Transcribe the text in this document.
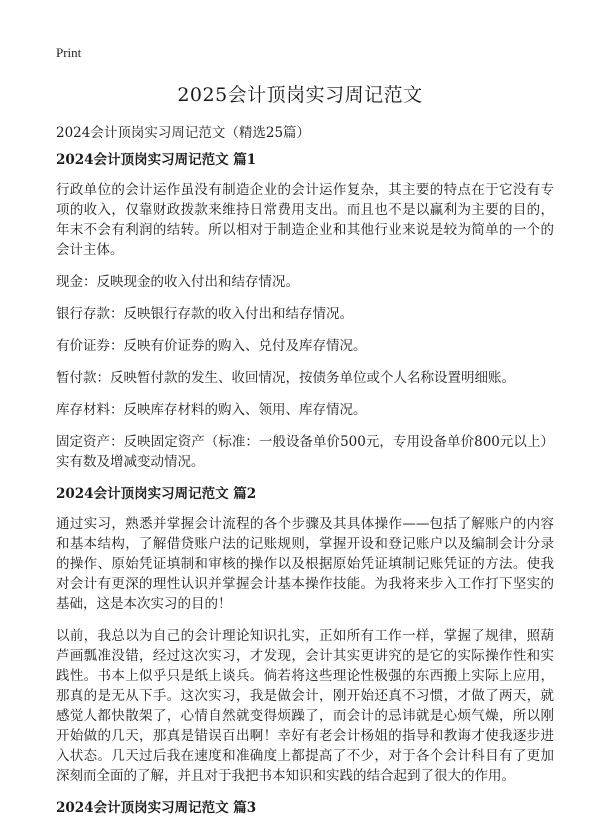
Print
2025会计顶岗实习周记范文

2024会计顶岗实习周记范文（精选25篇）

2024会计顶岗实习周记范文 篇1

行政单位的会计运作虽没有制造企业的会计运作复杂，其主要的特点在于它没有专项的收入，仅靠财政拨款来维持日常费用支出。而且也不是以赢利为主要的目的，年末不会有利润的结转。所以相对于制造企业和其他行业来说是较为简单的一个的会计主体。

现金：反映现金的收入付出和结存情况。

银行存款：反映银行存款的收入付出和结存情况。

有价证券：反映有价证券的购入、兑付及库存情况。

暂付款：反映暂付款的发生、收回情况，按债务单位或个人名称设置明细账。

库存材料：反映库存材料的购入、领用、库存情况。

固定资产：反映固定资产（标准：一般设备单价500元，专用设备单价800元以上）实有数及增减变动情况。

2024会计顶岗实习周记范文 篇2

通过实习，熟悉并掌握会计流程的各个步骤及其具体操作——包括了解账户的内容和基本结构，了解借贷账户法的记账规则，掌握开设和登记账户以及编制会计分录的操作、原始凭证填制和审核的操作以及根据原始凭证填制记账凭证的方法。使我对会计有更深的理性认识并掌握会计基本操作技能。为我将来步入工作打下坚实的基础，这是本次实习的目的！

以前，我总以为自己的会计理论知识扎实，正如所有工作一样，掌握了规律，照葫芦画瓢准没错，经过这次实习，才发现，会计其实更讲究的是它的实际操作性和实践性。书本上似乎只是纸上谈兵。倘若将这些理论性极强的东西搬上实际上应用，那真的是无从下手。这次实习，我是做会计，刚开始还真不习惯，才做了两天，就感觉人都快散架了，心情自然就变得烦躁了，而会计的忌讳就是心烦气燥，所以刚开始做的几天，那真是错误百出啊！幸好有老会计杨姐的指导和教诲才使我逐步进入状态。几天过后我在速度和准确度上都提高了不少，对于各个会计科目有了更加深刻而全面的了解，并且对于我把书本知识和实践的结合起到了很大的作用。

2024会计顶岗实习周记范文 篇3
